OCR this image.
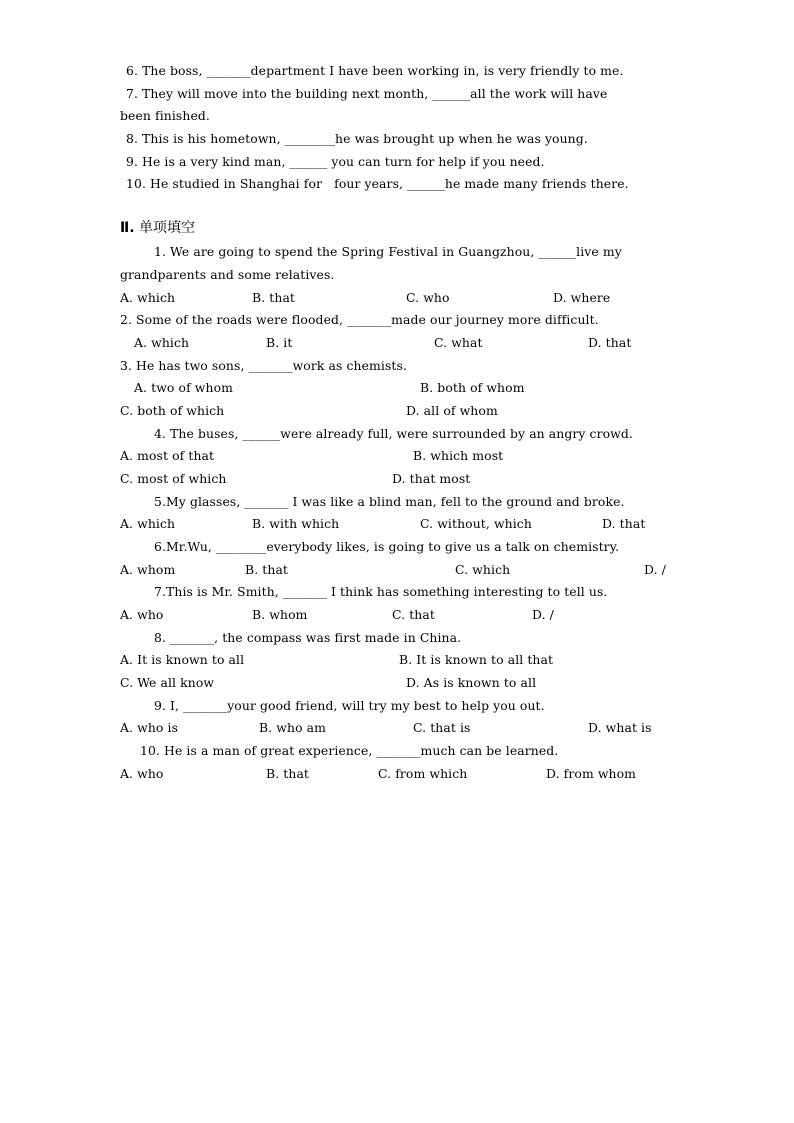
6. The boss, _______department I have been working in, is very friendly to me.
7. They will move into the building next month, ______all the work will have
been finished.
8. This is his hometown, ________he was brought up when he was young.
9. He is a very kind man, ______ you can turn for help if you need.
10. He studied in Shanghai for   four years, ______he made many friends there.
Ⅱ. 单项填空
1. We are going to spend the Spring Festival in Guangzhou, ______live my
grandparents and some relatives.
A. which	B. that	C. who	D. where
2. Some of the roads were flooded, _______made our journey more difficult.
A. which	B. it	C. what	D. that
3. He has two sons, _______work as chemists.
A. two of whom	B. both of whom
C. both of which	D. all of whom
4. The buses, ______were already full, were surrounded by an angry crowd.
A. most of that	B. which most
C. most of which	D. that most
5.My glasses, _______ I was like a blind man, fell to the ground and broke.
A. which	B. with which	C. without, which	D. that
6.Mr.Wu, ________everybody likes, is going to give us a talk on chemistry.
A. whom	B. that	C. which	D. /
7.This is Mr. Smith, _______ I think has something interesting to tell us.
A. who	B. whom	C. that	D. /
8. _______, the compass was first made in China.
A. It is known to all	B. It is known to all that
C. We all know	D. As is known to all
9. I, _______your good friend, will try my best to help you out.
A. who is	B. who am	C. that is	D. what is
10. He is a man of great experience, _______much can be learned.
A. who	B. that	C. from which	D. from whom
